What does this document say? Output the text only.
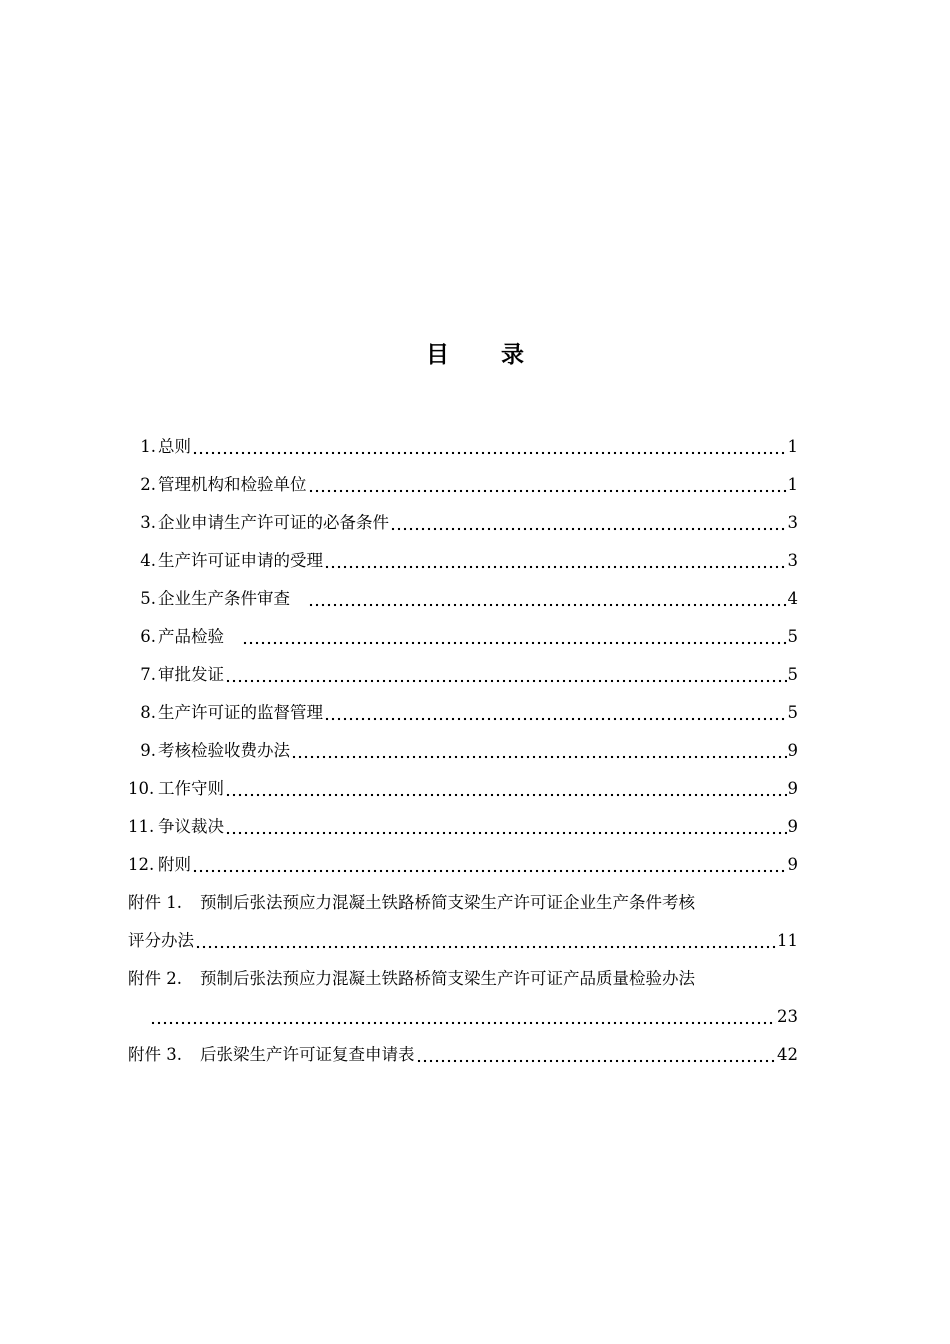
目 录
1. 总则	1
2. 管理机构和检验单位	1
3. 企业申请生产许可证的必备条件	3
4. 生产许可证申请的受理	3
5. 企业生产条件审查　	4
6. 产品检验　	5
7. 审批发证	5
8. 生产许可证的监督管理	5
9. 考核检验收费办法	9
10. 工作守则	9
11. 争议裁决	9
12. 附则	9
附件 1.	预制后张法预应力混凝土铁路桥简支梁生产许可证企业生产条件考核
评分办法	11
附件 2.	预制后张法预应力混凝土铁路桥简支梁生产许可证产品质量检验办法
23
附件 3.	后张梁生产许可证复查申请表	42
